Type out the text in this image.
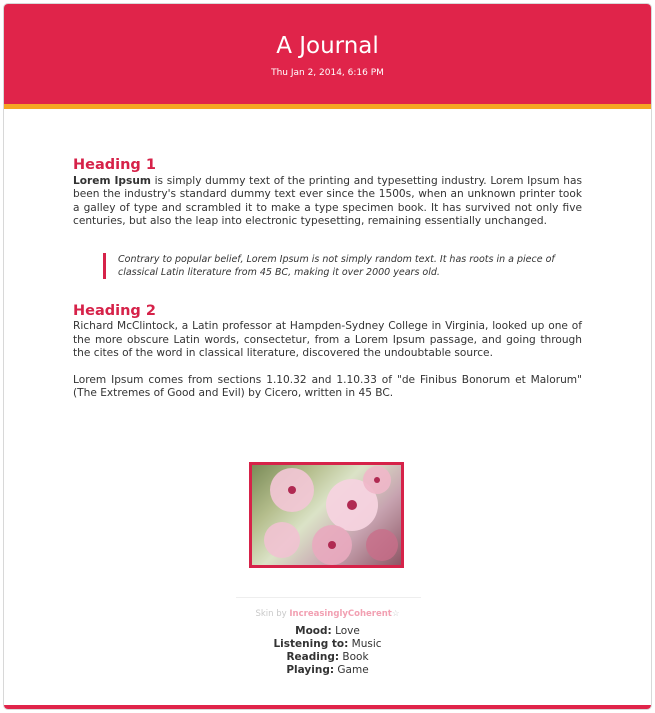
A Journal
Thu Jan 2, 2014, 6:16 PM
Heading 1

Lorem Ipsum is simply dummy text of the printing and typesetting industry. Lorem Ipsum has been the industry's standard dummy text ever since the 1500s, when an unknown printer took a galley of type and scrambled it to make a type specimen book. It has survived not only five centuries, but also the leap into electronic typesetting, remaining essentially unchanged.

Contrary to popular belief, Lorem Ipsum is not simply random text. It has roots in a piece of classical Latin literature from 45 BC, making it over 2000 years old.
Heading 2

Richard McClintock, a Latin professor at Hampden-Sydney College in Virginia, looked up one of the more obscure Latin words, consectetur, from a Lorem Ipsum passage, and going through the cites of the word in classical literature, discovered the undoubtable source.

Lorem Ipsum comes from sections 1.10.32 and 1.10.33 of "de Finibus Bonorum et Malorum" (The Extremes of Good and Evil) by Cicero, written in 45 BC.

Skin by IncreasinglyCoherent☆
Mood: Love
Listening to: Music
Reading: Book
Playing: Game
